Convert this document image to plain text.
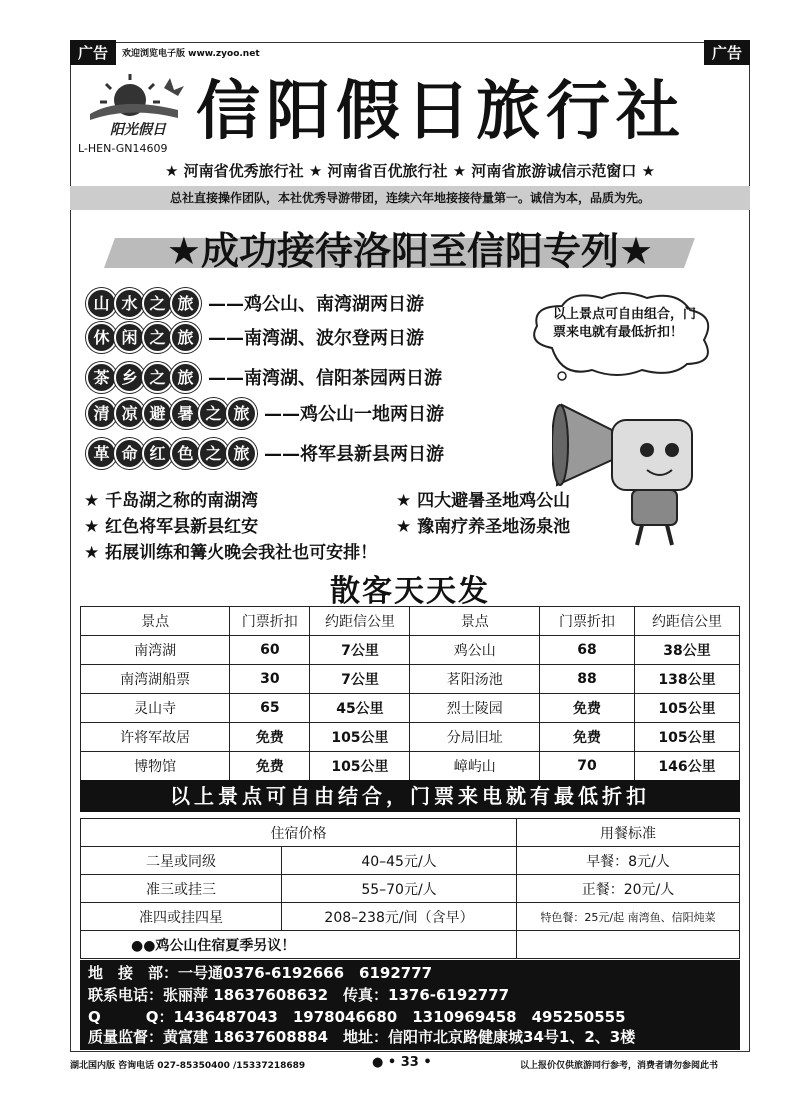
广告	广告
欢迎浏览电子版 www.zyoo.net
阳光假日
L-HEN-GN14609 信阳假日旅行社
★ 河南省优秀旅行社 ★ 河南省百优旅行社 ★ 河南省旅游诚信示范窗口 ★
总社直接操作团队，本社优秀导游带团，连续六年地接接待量第一。诚信为本，品质为先。
★成功接待洛阳至信阳专列★
山 水 之 旅 ——鸡公山、南湾湖两日游
休 闲 之 旅 ——南湾湖、波尔登两日游
茶 乡 之 旅 ——南湾湖、信阳茶园两日游
清 凉 避 暑 之 旅 ——鸡公山一地两日游
革 命 红 色 之 旅 ——将军县新县两日游
以上景点可自由组合，门票来电就有最低折扣！
★ 千岛湖之称的南湖湾	★ 四大避暑圣地鸡公山
★ 红色将军县新县红安	★ 豫南疗养圣地汤泉池
★ 拓展训练和篝火晚会我社也可安排！
散客天天发
景点	门票折扣	约距信公里	景点	门票折扣	约距信公里
南湾湖	60	7公里	鸡公山	68	38公里
南湾湖船票	30	7公里	茗阳汤池	88	138公里
灵山寺	65	45公里	烈士陵园	免费	105公里
许将军故居	免费	105公里	分局旧址	免费	105公里
博物馆	免费	105公里	嶂屿山	70	146公里
以上景点可自由结合，门票来电就有最低折扣
住宿价格		用餐标准
二星或同级	40–45元/人	早餐：8元/人
准三或挂三	55–70元/人	正餐：20元/人
准四或挂四星	208–238元/间（含早）	特色餐：25元/起 南湾鱼、信阳炖菜
●●鸡公山住宿夏季另议！		
地　接　部：一号通0376-6192666　6192777
联系电话：张丽萍 18637608632　传真：1376-6192777
Q　　　Q：1436487043　1978046680　1310969458　495250555
质量监督：黄富建 18637608884　地址：信阳市北京路健康城34号1、2、3楼
湖北国内版 咨询电话 027-85350400 /15337218689	● • 33 •	以上报价仅供旅游同行参考，消费者请勿参阅此书
